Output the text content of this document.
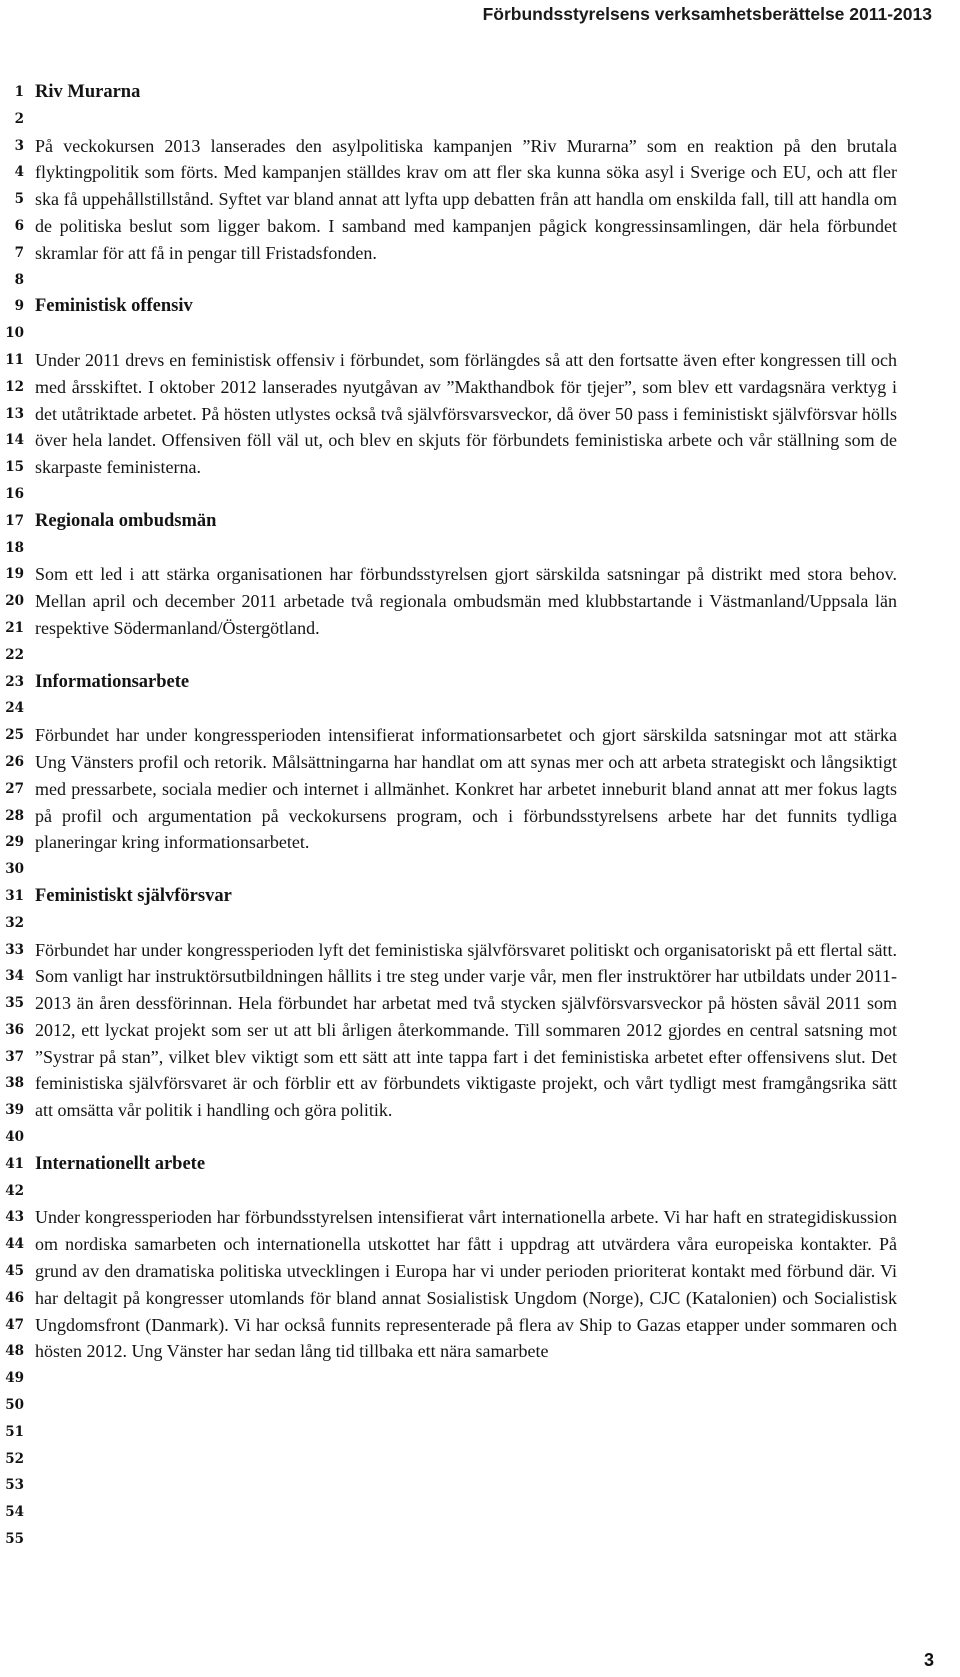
Förbundsstyrelsens verksamhetsberättelse 2011-2013
1
2
3
4
5
6
7
8
9
10
11
12
13
14
15
16
17
18
19
20
21
22
23
24
25
26
27
28
29
30
31
32
33
34
35
36
37
38
39
40
41
42
43
44
45
46
47
48
49
50
51
52
53
54
55
Riv Murarna

På veckokursen 2013 lanserades den asylpolitiska kampanjen ”Riv Murarna” som en reaktion på den brutala flyktingpolitik som förts. Med kampanjen ställdes krav om att fler ska kunna söka asyl i Sverige och EU, och att fler ska få uppehållstillstånd. Syftet var bland annat att lyfta upp debatten från att handla om enskilda fall, till att handla om de politiska beslut som ligger bakom. I samband med kampanjen pågick kongressinsamlingen, där hela förbundet skramlar för att få in pengar till Fristadsfonden.

Feministisk offensiv

Under 2011 drevs en feministisk offensiv i förbundet, som förlängdes så att den fortsatte även efter kongressen till och med årsskiftet. I oktober 2012 lanserades nyutgåvan av ”Makthandbok för tjejer”, som blev ett vardagsnära verktyg i det utåtriktade arbetet. På hösten utlystes också två självförsvarsveckor, då över 50 pass i feministiskt självförsvar hölls över hela landet. Offensiven föll väl ut, och blev en skjuts för förbundets feministiska arbete och vår ställning som de skarpaste feministerna.

Regionala ombudsmän

Som ett led i att stärka organisationen har förbundsstyrelsen gjort särskilda satsningar på distrikt med stora behov. Mellan april och december 2011 arbetade två regionala ombudsmän med klubbstartande i Västmanland/Uppsala län respektive Södermanland/Östergötland.

Informationsarbete

Förbundet har under kongressperioden intensifierat informationsarbetet och gjort särskilda satsningar mot att stärka Ung Vänsters profil och retorik. Målsättningarna har handlat om att synas mer och att arbeta strategiskt och långsiktigt med pressarbete, sociala medier och internet i allmänhet. Konkret har arbetet inneburit bland annat att mer fokus lagts på profil och argumentation på veckokursens program, och i förbundsstyrelsens arbete har det funnits tydliga planeringar kring informationsarbetet.

Feministiskt självförsvar

Förbundet har under kongressperioden lyft det feministiska självförsvaret politiskt och organisatoriskt på ett flertal sätt. Som vanligt har instruktörsutbildningen hållits i tre steg under varje vår, men fler instruktörer har utbildats under 2011-2013 än åren dessförinnan. Hela förbundet har arbetat med två stycken självförsvarsveckor på hösten såväl 2011 som 2012, ett lyckat projekt som ser ut att bli årligen återkommande. Till sommaren 2012 gjordes en central satsning mot ”Systrar på stan”, vilket blev viktigt som ett sätt att inte tappa fart i det feministiska arbetet efter offensivens slut. Det feministiska självförsvaret är och förblir ett av förbundets viktigaste projekt, och vårt tydligt mest framgångsrika sätt att omsätta vår politik i handling och göra politik.

Internationellt arbete

Under kongressperioden har förbundsstyrelsen intensifierat vårt internationella arbete. Vi har haft en strategidiskussion om nordiska samarbeten och internationella utskottet har fått i uppdrag att utvärdera våra europeiska kontakter. På grund av den dramatiska politiska utvecklingen i Europa har vi under perioden prioriterat kontakt med förbund där. Vi har deltagit på kongresser utomlands för bland annat Sosialistisk Ungdom (Norge), CJC (Katalonien) och Socialistisk Ungdomsfront (Danmark). Vi har också funnits representerade på flera av Ship to Gazas etapper under sommaren och hösten 2012. Ung Vänster har sedan lång tid tillbaka ett nära samarbete

3
